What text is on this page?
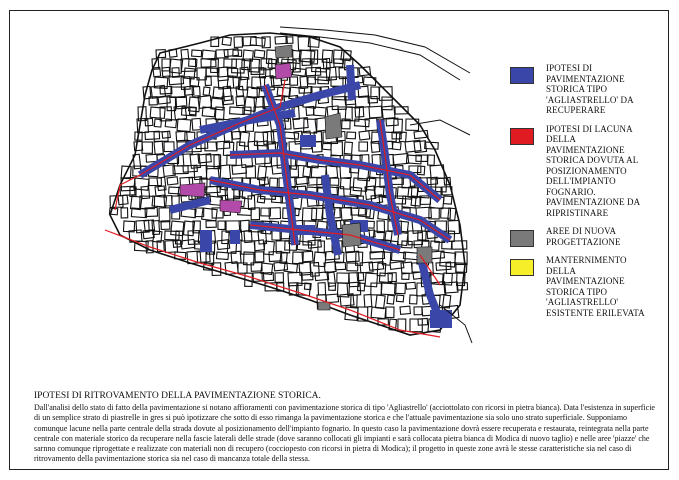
IPOTESI DI PAVIMENTAZIONE STORICA TIPO 'AGLIASTRELLO' DA RECUPERARE
IPOTESI DI LACUNA DELLA PAVIMENTAZIONE STORICA DOVUTA AL POSIZIONAMENTO DELL'IMPIANTO FOGNARIO. PAVIMENTAZIONE DA RIPRISTINARE
AREE DI NUOVA PROGETTAZIONE
MANTERNIMENTO DELLA PAVIMENTAZIONE STORICA TIPO 'AGLIASTRELLO' ESISTENTE ERILEVATA

IPOTESI DI RITROVAMENTO DELLA PAVIMENTAZIONE STORICA.

Dall'analisi dello stato di fatto della pavimentazione si notano affioramenti con pavimentazione storica di tipo 'Agliastrello' (acciottolato con ricorsi in pietra bianca). Data l'esistenza in superficie di un semplice strato di piastrelle in gres si può ipotizzare che sotto di esso rimanga la pavimentazione storica e che l'attuale pavimentazione sia solo uno strato superficiale. Supponiamo comunque lacune nella parte centrale della strada dovute al posizionamento dell'impianto fognario. In questo caso la pavimentazione dovrà essere recuperata e restaurata, reintegrata nella parte centrale con materiale storico da recuperare nella fascie laterali delle strade (dove saranno collocati gli impianti e sarà collocata pietra bianca di Modica di nuovo taglio) e nelle aree 'piazze' che sarnno comunque riprogettate e realizzate con materiali non di recupero (cocciopesto con ricorsi in pietra di Modica); il progetto in queste zone avrà le stesse caratteristiche sia nel caso di ritrovamento della pavimentazione storica sia nel caso di mancanza totale della stessa.
